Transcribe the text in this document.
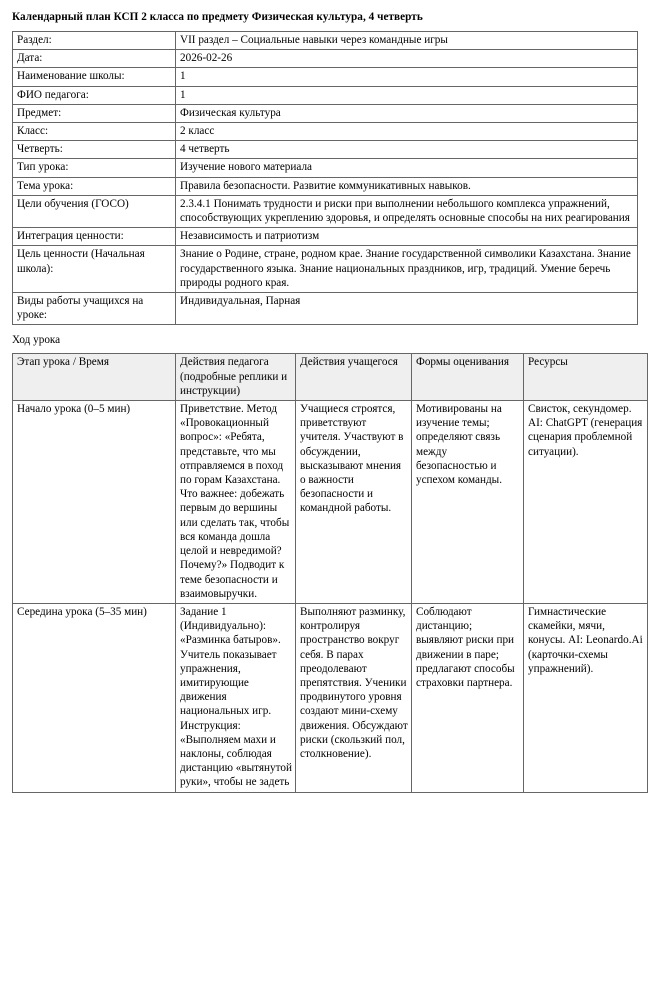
Календарный план КСП 2 класса по предмету Физическая культура, 4 четверть
Раздел:	VII раздел – Социальные навыки через командные игры
Дата:	2026-02-26
Наименование школы:	1
ФИО педагога:	1
Предмет:	Физическая культура
Класс:	2 класс
Четверть:	4 четверть
Тип урока:	Изучение нового материала
Тема урока:	Правила безопасности. Развитие коммуникативных навыков.
Цели обучения (ГОСО)	2.3.4.1 Понимать трудности и риски при выполнении небольшого комплекса упражнений, способствующих укреплению здоровья, и определять основные способы на них реагирования
Интеграция ценности:	Независимость и патриотизм
Цель ценности (Начальная школа):	Знание о Родине, стране, родном крае. Знание государственной символики Казахстана. Знание государственного языка. Знание национальных праздников, игр, традиций. Умение беречь природы родного края.
Виды работы учащихся на уроке:	Индивидуальная, Парная
Ход урока
Этап урока / Время	Действия педагога (подробные реплики и инструкции)	Действия учащегося	Формы оценивания	Ресурсы
Начало урока (0–5 мин)	Приветствие. Метод «Провокационный вопрос»: «Ребята, представьте, что мы отправляемся в поход по горам Казахстана. Что важнее: добежать первым до вершины или сделать так, чтобы вся команда дошла целой и невредимой? Почему?» Подводит к теме безопасности и взаимовыручки.	Учащиеся строятся, приветствуют учителя. Участвуют в обсуждении, высказывают мнения о важности безопасности и командной работы.	Мотивированы на изучение темы; определяют связь между безопасностью и успехом команды.	Свисток, секундомер. AI: ChatGPT (генерация сценария проблемной ситуации).
Середина урока (5–35 мин)	Задание 1 (Индивидуально): «Разминка батыров». Учитель показывает упражнения, имитирующие движения национальных игр. Инструкция: «Выполняем махи и наклоны, соблюдая дистанцию «вытянутой руки», чтобы не задеть	Выполняют разминку, контролируя пространство вокруг себя. В парах преодолевают препятствия. Ученики продвинутого уровня создают мини-схему движения. Обсуждают риски (скользкий пол, столкновение).	Соблюдают дистанцию; выявляют риски при движении в паре; предлагают способы страховки партнера.	Гимнастические скамейки, мячи, конусы. AI: Leonardo.Ai (карточки-схемы упражнений).
